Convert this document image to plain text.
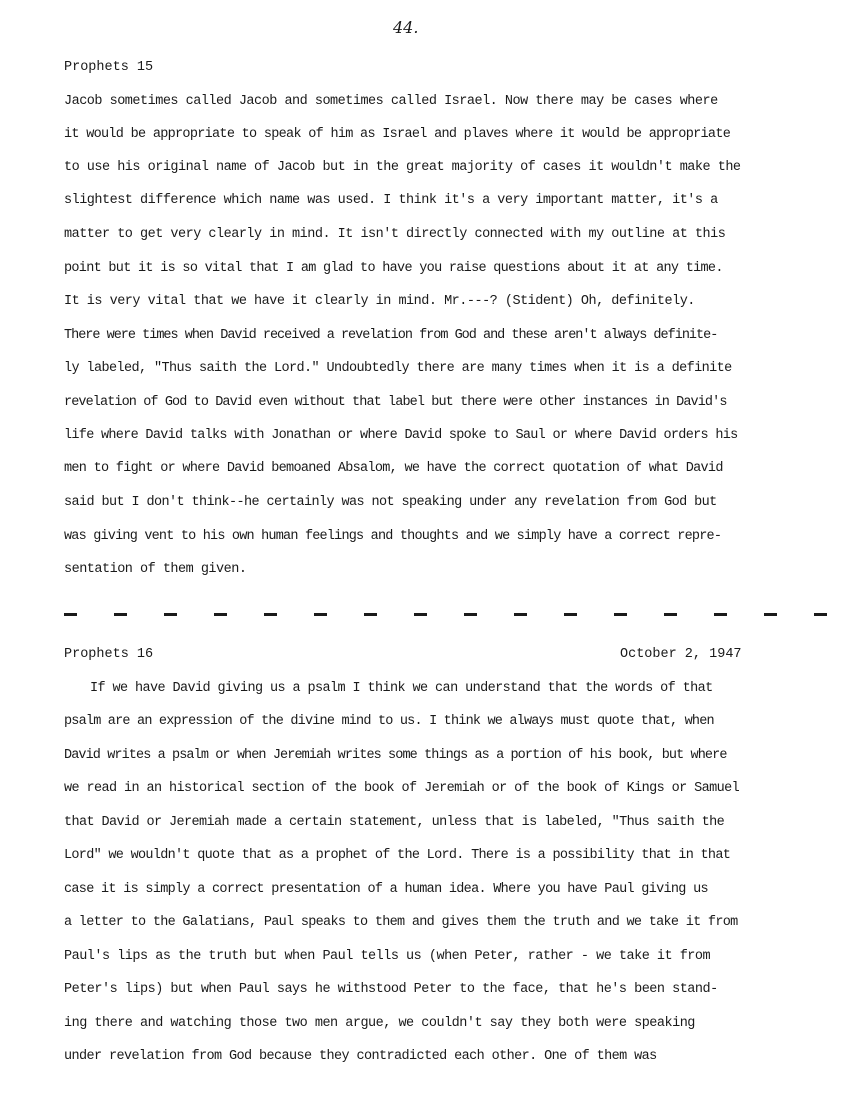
44.
Prophets 15
Jacob sometimes called Jacob and sometimes called Israel. Now there may be cases where
it would be appropriate to speak of him as Israel and plaves where it would be appropriate
to use his original name of Jacob but in the great majority of cases it wouldn't make the
slightest difference which name was used. I think it's a very important matter, it's a
matter to get very clearly in mind. It isn't directly connected with my outline at this
point but it is so vital that I am glad to have you raise questions about it at any time.
It is very vital that we have it clearly in mind. Mr.---? (Stident) Oh, definitely.
There were times when David received a revelation from God and these aren't always definite-
ly labeled, "Thus saith the Lord." Undoubtedly there are many times when it is a definite
revelation of God to David even without that label but there were other instances in David's
life where David talks with Jonathan or where David spoke to Saul or where David orders his
men to fight or where David bemoaned Absalom, we have the correct quotation of what David
said but I don't think--he certainly was not speaking under any revelation from God but
was giving vent to his own human feelings and thoughts and we simply have a correct repre-
sentation of them given.
Prophets 16	October 2, 1947
If we have David giving us a psalm I think we can understand that the words of that
psalm are an expression of the divine mind to us. I think we always must quote that, when
David writes a psalm or when Jeremiah writes some things as a portion of his book, but where
we read in an historical section of the book of Jeremiah or of the book of Kings or Samuel
that David or Jeremiah made a certain statement, unless that is labeled, "Thus saith the
Lord" we wouldn't quote that as a prophet of the Lord. There is a possibility that in that
case it is simply a correct presentation of a human idea. Where you have Paul giving us
a letter to the Galatians, Paul speaks to them and gives them the truth and we take it from
Paul's lips as the truth but when Paul tells us (when Peter, rather - we take it from
Peter's lips) but when Paul says he withstood Peter to the face, that he's been stand-
ing there and watching those two men argue, we couldn't say they both were speaking
under revelation from God because they contradicted each other. One of them was
